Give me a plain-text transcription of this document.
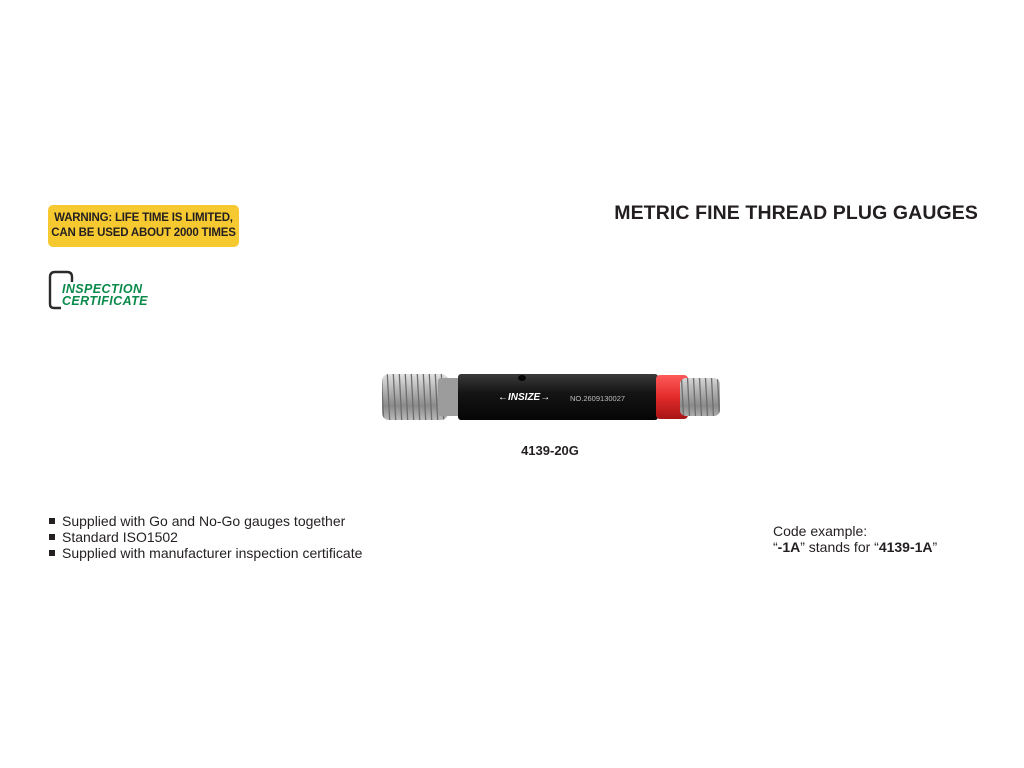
WARNING: LIFE TIME IS LIMITED,
CAN BE USED ABOUT 2000 TIMES
METRIC FINE THREAD PLUG GAUGES
INSPECTION
CERTIFICATE
←INSIZE→	NO.2609130027
4139-20G
Supplied with Go and No-Go gauges together
Standard ISO1502
Supplied with manufacturer inspection certificate
Code example:
“-1A” stands for “4139-1A”
